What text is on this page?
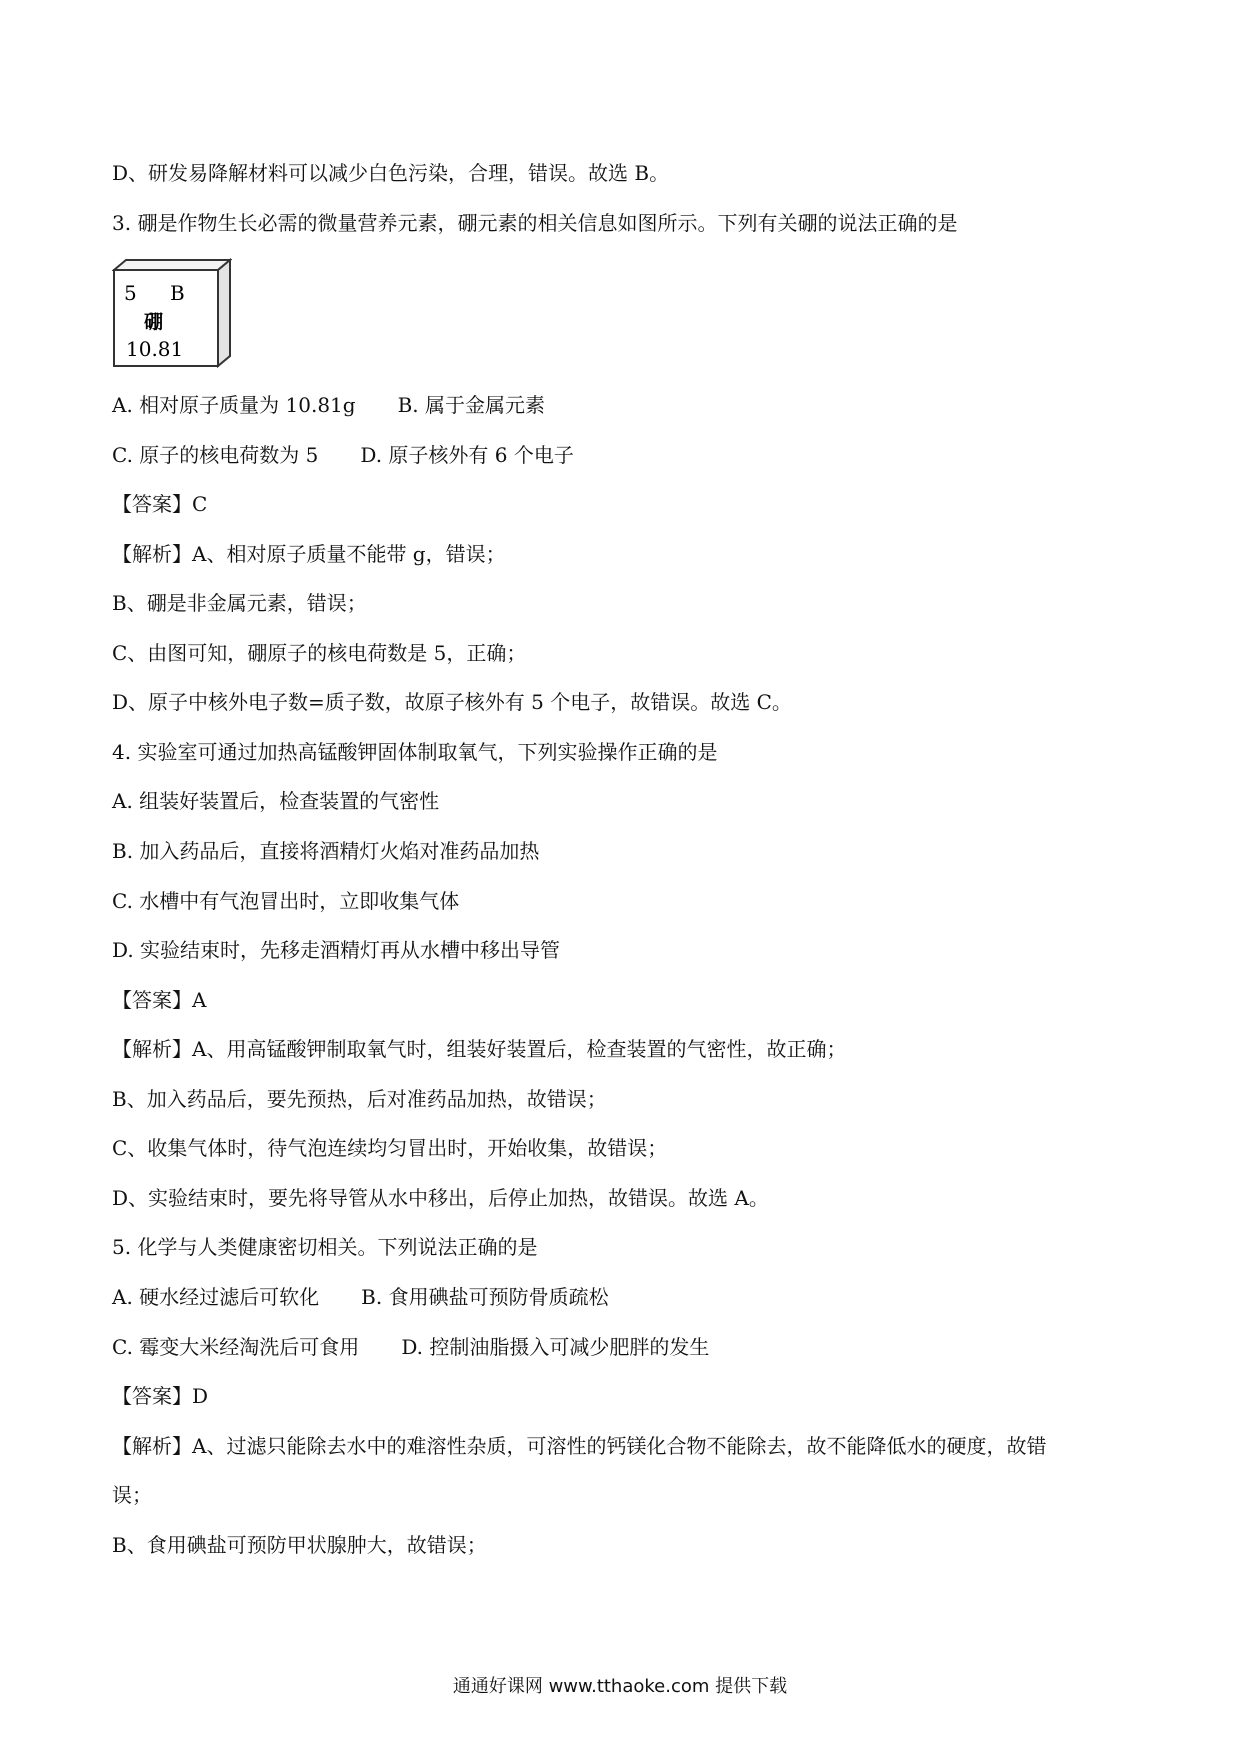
D、研发易降解材料可以减少白色污染，合理，错误。故选 B。
3. 硼是作物生长必需的微量营养元素，硼元素的相关信息如图所示。下列有关硼的说法正确的是
5 B
硼
10.81
A. 相对原子质量为 10.81g B. 属于金属元素
C. 原子的核电荷数为 5 D. 原子核外有 6 个电子
【答案】C
【解析】A、相对原子质量不能带 g，错误；
B、硼是非金属元素，错误；
C、由图可知，硼原子的核电荷数是 5，正确；
D、原子中核外电子数=质子数，故原子核外有 5 个电子，故错误。故选 C。
4. 实验室可通过加热高锰酸钾固体制取氧气，下列实验操作正确的是
A. 组装好装置后，检查装置的气密性
B. 加入药品后，直接将酒精灯火焰对准药品加热
C. 水槽中有气泡冒出时，立即收集气体
D. 实验结束时，先移走酒精灯再从水槽中移出导管
【答案】A
【解析】A、用高锰酸钾制取氧气时，组装好装置后，检查装置的气密性，故正确；
B、加入药品后，要先预热，后对准药品加热，故错误；
C、收集气体时，待气泡连续均匀冒出时，开始收集，故错误；
D、实验结束时，要先将导管从水中移出，后停止加热，故错误。故选 A。
5. 化学与人类健康密切相关。下列说法正确的是
A. 硬水经过滤后可软化 B. 食用碘盐可预防骨质疏松
C. 霉变大米经淘洗后可食用 D. 控制油脂摄入可减少肥胖的发生
【答案】D
【解析】A、过滤只能除去水中的难溶性杂质，可溶性的钙镁化合物不能除去，故不能降低水的硬度，故错
误；
B、食用碘盐可预防甲状腺肿大，故错误；
通通好课网 www.tthaoke.com 提供下载
